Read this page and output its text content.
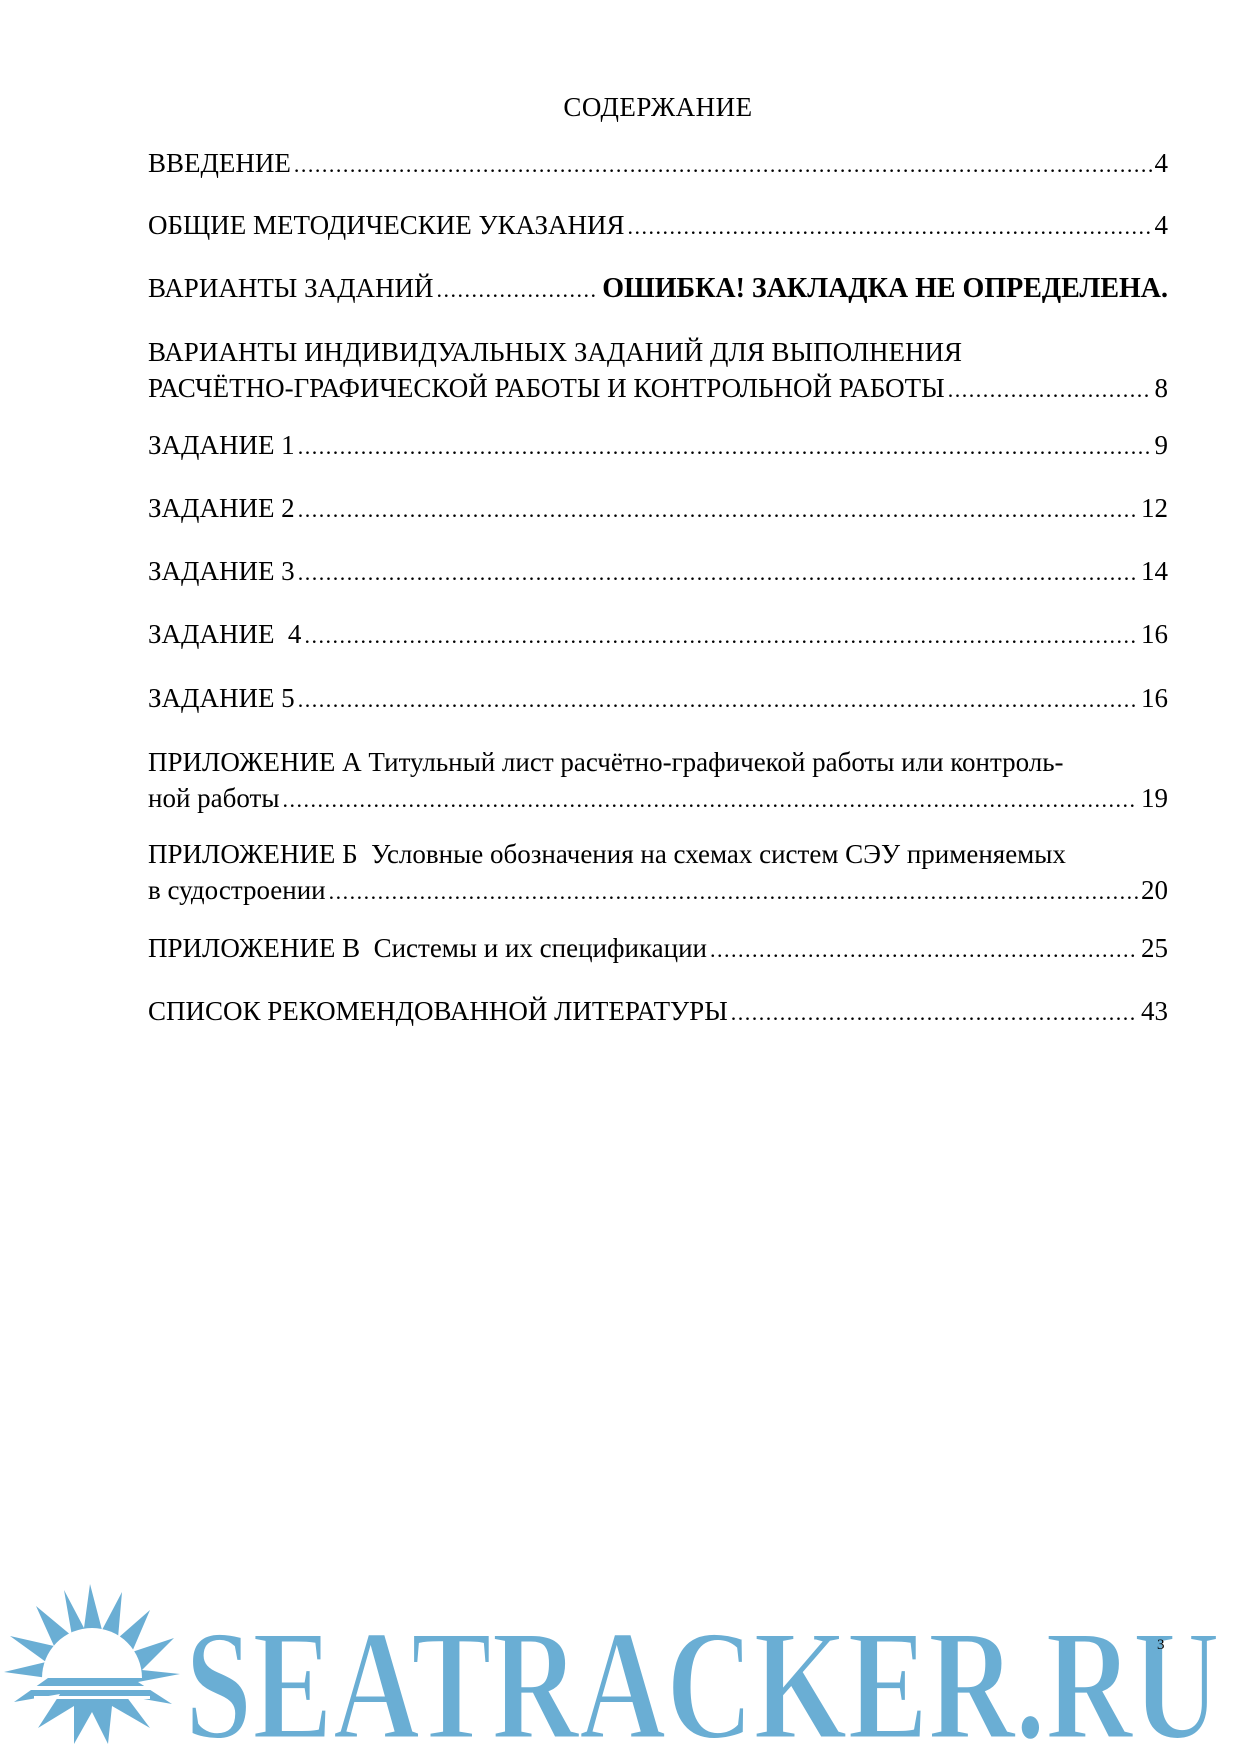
СОДЕРЖАНИЕ
ВВЕДЕНИЕ . . .	4
ОБЩИЕ МЕТОДИЧЕСКИЕ УКАЗАНИЯ . . .	4
ВАРИАНТЫ ЗАДАНИЙ . . .	ОШИБКА! ЗАКЛАДКА НЕ ОПРЕДЕЛЕНА.
ВАРИАНТЫ ИНДИВИДУАЛЬНЫХ ЗАДАНИЙ ДЛЯ ВЫПОЛНЕНИЯ
РАСЧЁТНО-ГРАФИЧЕСКОЙ РАБОТЫ И КОНТРОЛЬНОЙ РАБОТЫ . . .	8
ЗАДАНИЕ 1 . . .	9
ЗАДАНИЕ 2 . . .	12
ЗАДАНИЕ 3 . . .	14
ЗАДАНИЕ  4 . . .	16
ЗАДАНИЕ 5 . . .	16
ПРИЛОЖЕНИЕ А Титульный лист расчётно-графичекой работы или контроль-
ной работы . . .	19
ПРИЛОЖЕНИЕ Б  Условные обозначения на схемах систем СЭУ применяемых
в судостроении . . .	20
ПРИЛОЖЕНИЕ В  Системы и их спецификации . . .	25
СПИСОК РЕКОМЕНДОВАННОЙ ЛИТЕРАТУРЫ . . .	43
SEATRACKER.RU
3
